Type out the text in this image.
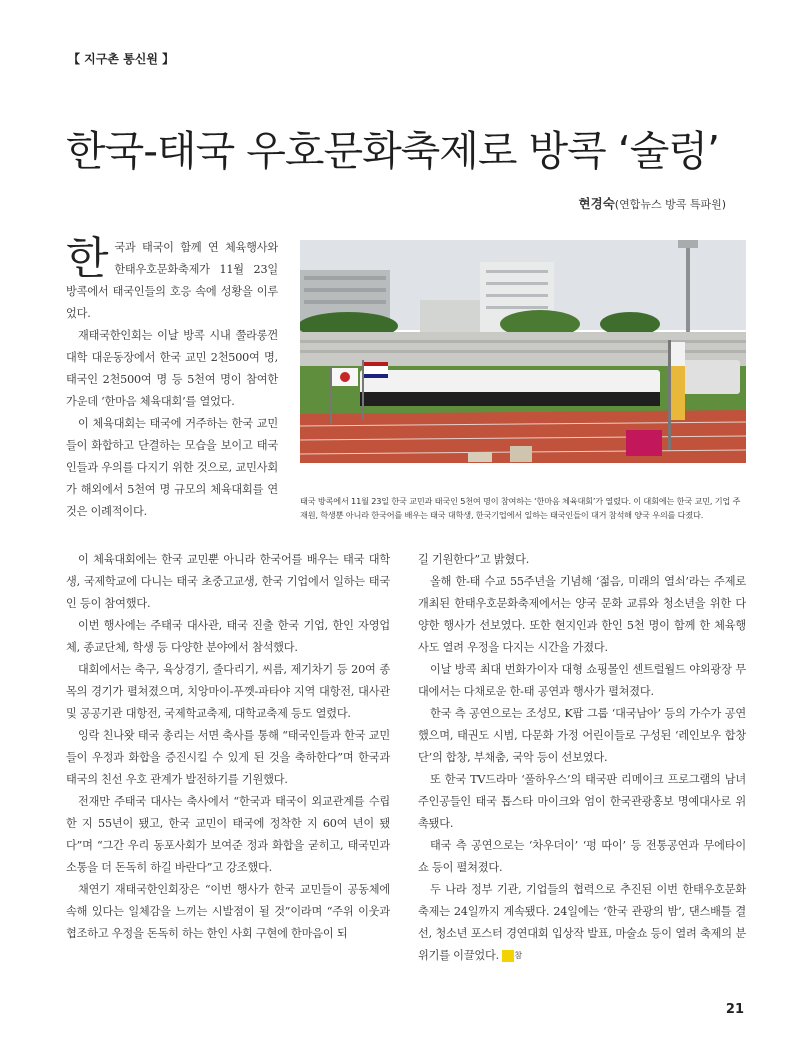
【 지구촌 통신원 】
한국-태국 우호문화축제로 방콕 ‘술렁’
현경숙(연합뉴스 방콕 특파원)

한국과 태국이 함께 연 체육행사와 한태우호문화축제가 11월 23일 방콕에서 태국인들의 호응 속에 성황을 이루었다.

재태국한인회는 이날 방콕 시내 쭐라롱껀대학 대운동장에서 한국 교민 2천500여 명, 태국인 2천500여 명 등 5천여 명이 참여한 가운데 ‘한마음 체육대회’를 열었다.

이 체육대회는 태국에 거주하는 한국 교민들이 화합하고 단결하는 모습을 보이고 태국인들과 우의를 다지기 위한 것으로, 교민사회가 해외에서 5천여 명 규모의 체육대회를 연 것은 이례적이다.

태국 방콕에서 11월 23일 한국 교민과 태국인 5천여 명이 참여하는 ‘한마음 체육대회’가 열렸다. 이 대회에는 한국 교민, 기업 주재원, 학생뿐 아니라 한국어를 배우는 태국 대학생, 한국기업에서 일하는 태국인들이 대거 참석해 양국 우의를 다졌다.

이 체육대회에는 한국 교민뿐 아니라 한국어를 배우는 태국 대학생, 국제학교에 다니는 태국 초중고교생, 한국 기업에서 일하는 태국인 등이 참여했다.

이번 행사에는 주태국 대사관, 태국 진출 한국 기업, 한인 자영업체, 종교단체, 학생 등 다양한 분야에서 참석했다.

대회에서는 축구, 육상경기, 줄다리기, 씨름, 제기차기 등 20여 종목의 경기가 펼쳐졌으며, 치앙마이-푸껫-파타야 지역 대항전, 대사관 및 공공기관 대항전, 국제학교축제, 대학교축제 등도 열렸다.

잉락 친나왓 태국 총리는 서면 축사를 통해 “태국인들과 한국 교민들이 우정과 화합을 증진시킬 수 있게 된 것을 축하한다”며 한국과 태국의 친선 우호 관계가 발전하기를 기원했다.

전재만 주태국 대사는 축사에서 “한국과 태국이 외교관계를 수립한 지 55년이 됐고, 한국 교민이 태국에 정착한 지 60여 년이 됐다”며 “그간 우리 동포사회가 보여준 정과 화합을 굳히고, 태국민과 소통을 더 돈독히 하길 바란다”고 강조했다.

채연기 재태국한인회장은 “이번 행사가 한국 교민들이 공동체에 속해 있다는 일체감을 느끼는 시발점이 될 것”이라며 “주위 이웃과 협조하고 우정을 돈독히 하는 한인 사회 구현에 한마음이 되

길 기원한다”고 밝혔다.

올해 한-태 수교 55주년을 기념해 ‘젊음, 미래의 열쇠’라는 주제로 개최된 한태우호문화축제에서는 양국 문화 교류와 청소년을 위한 다양한 행사가 선보였다. 또한 현지인과 한인 5천 명이 함께 한 체육행사도 열려 우정을 다지는 시간을 가졌다.

이날 방콕 최대 번화가이자 대형 쇼핑몰인 센트럴월드 야외광장 무대에서는 다채로운 한-태 공연과 행사가 펼쳐졌다.

한국 측 공연으로는 조성모, K팝 그룹 ‘대국남아’ 등의 가수가 공연했으며, 태권도 시범, 다문화 가정 어린이들로 구성된 ‘레인보우 합창단’의 합창, 부채춤, 국악 등이 선보였다.

또 한국 TV드라마 ‘풀하우스’의 태국판 리메이크 프로그램의 남녀 주인공들인 태국 톱스타 마이크와 엄이 한국관광홍보 명예대사로 위촉됐다.

태국 측 공연으로는 ‘차우더이’ ‘펑 따이’ 등 전통공연과 무에타이 쇼 등이 펼쳐졌다.

두 나라 정부 기관, 기업들의 협력으로 추진된 이번 한태우호문화축제는 24일까지 계속됐다. 24일에는 ‘한국 관광의 밤’, 댄스배틀 결선, 청소년 포스터 경연대회 입상작 발표, 마술쇼 등이 열려 축제의 분위기를 이끌었다. 참

21
